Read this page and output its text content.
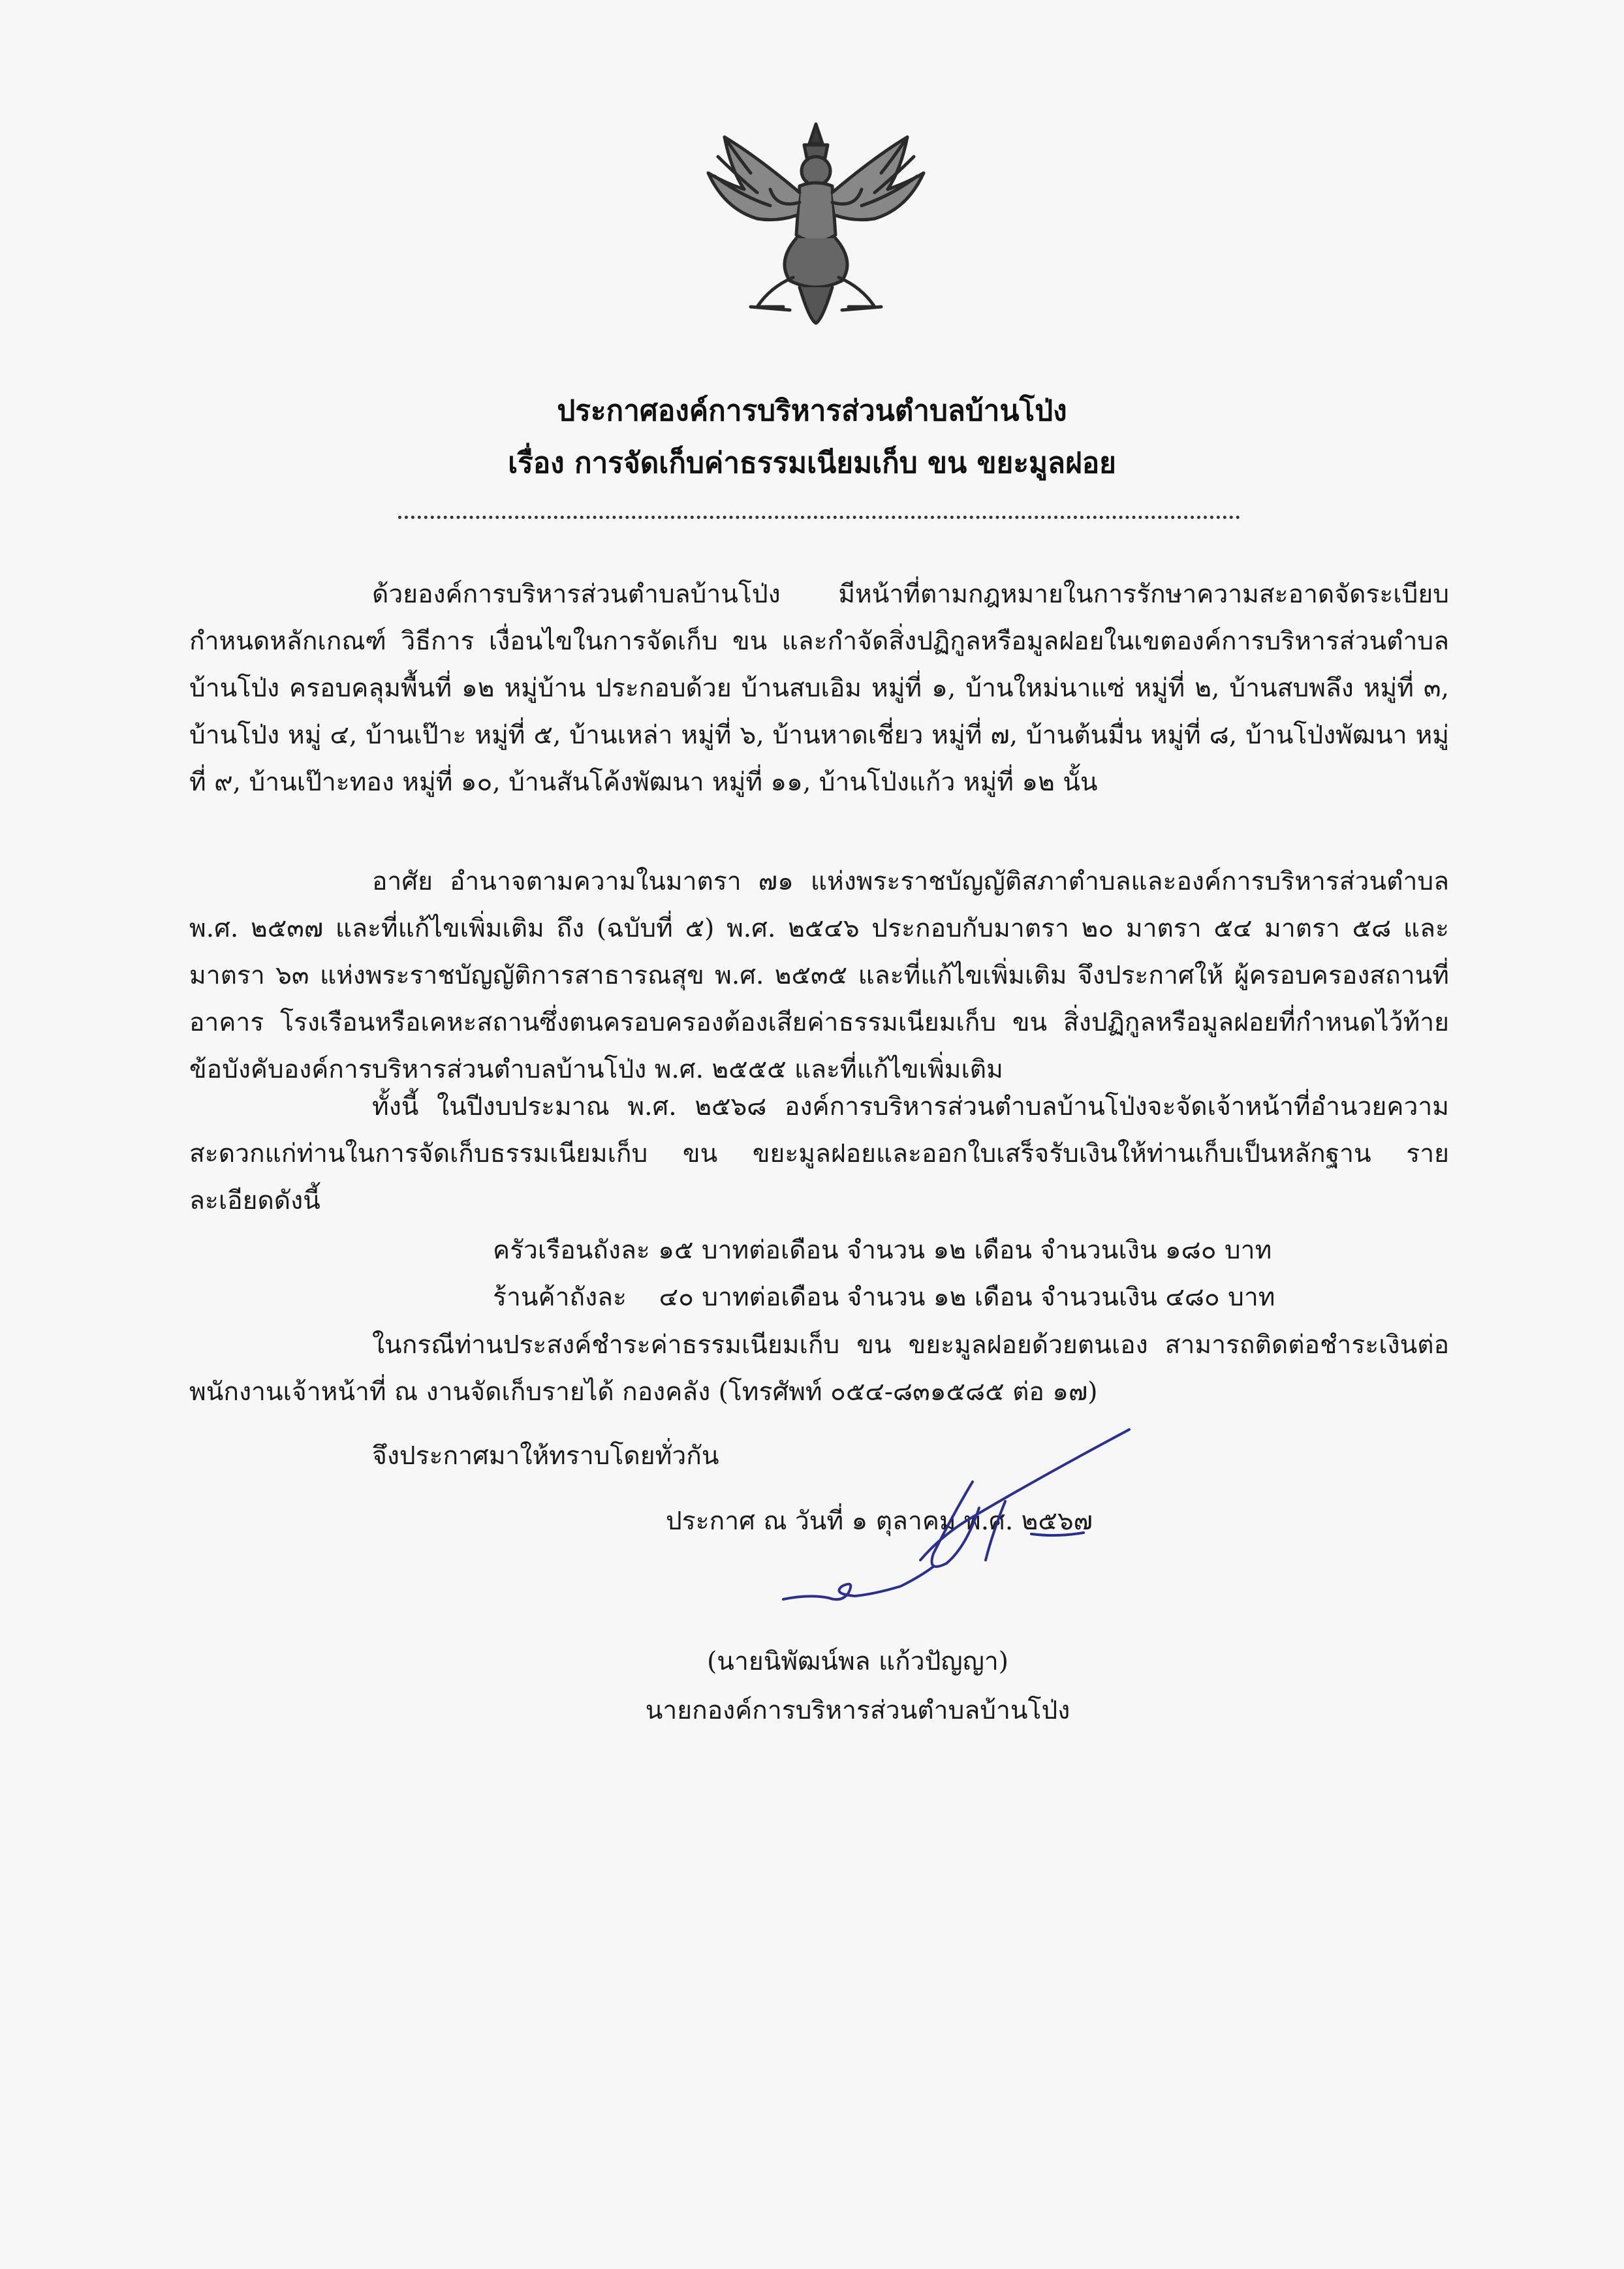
ประกาศองค์การบริหารส่วนตำบลบ้านโป่ง
เรื่อง การจัดเก็บค่าธรรมเนียมเก็บ ขน ขยะมูลฝอย
ด้วยองค์การบริหารส่วนตำบลบ้านโป่ง มีหน้าที่ตามกฎหมายในการรักษาความสะอาดจัดระเบียบ กำหนดหลักเกณฑ์ วิธีการ เงื่อนไขในการจัดเก็บ ขน และกำจัดสิ่งปฏิกูลหรือมูลฝอยในเขตองค์การบริหารส่วนตำบลบ้านโป่ง ครอบคลุมพื้นที่ ๑๒ หมู่บ้าน ประกอบด้วย บ้านสบเอิม หมู่ที่ ๑, บ้านใหม่นาแซ่ หมู่ที่ ๒, บ้านสบพลึง หมู่ที่ ๓, บ้านโป่ง หมู่ ๔, บ้านเป๊าะ หมู่ที่ ๕, บ้านเหล่า หมู่ที่ ๖, บ้านหาดเชี่ยว หมู่ที่ ๗, บ้านต้นมื่น หมู่ที่ ๘, บ้านโป่งพัฒนา หมู่ที่ ๙, บ้านเป๊าะทอง หมู่ที่ ๑๐, บ้านสันโค้งพัฒนา หมู่ที่ ๑๑, บ้านโป่งแก้ว หมู่ที่ ๑๒ นั้น
อาศัย อำนาจตามความในมาตรา ๗๑ แห่งพระราชบัญญัติสภาตำบลและองค์การบริหารส่วนตำบล พ.ศ. ๒๕๓๗ และที่แก้ไขเพิ่มเติม ถึง (ฉบับที่ ๕) พ.ศ. ๒๕๔๖ ประกอบกับมาตรา ๒๐ มาตรา ๕๔ มาตรา ๕๘ และมาตรา ๖๓ แห่งพระราชบัญญัติการสาธารณสุข พ.ศ. ๒๕๓๕ และที่แก้ไขเพิ่มเติม จึงประกาศให้ ผู้ครอบครองสถานที่ อาคาร โรงเรือนหรือเคหะสถานซึ่งตนครอบครองต้องเสียค่าธรรมเนียมเก็บ ขน สิ่งปฏิกูลหรือมูลฝอยที่กำหนดไว้ท้ายข้อบังคับองค์การบริหารส่วนตำบลบ้านโป่ง พ.ศ. ๒๕๕๕ และที่แก้ไขเพิ่มเติม
ทั้งนี้ ในปีงบประมาณ พ.ศ. ๒๕๖๘ องค์การบริหารส่วนตำบลบ้านโป่งจะจัดเจ้าหน้าที่อำนวยความสะดวกแก่ท่านในการจัดเก็บธรรมเนียมเก็บ ขน ขยะมูลฝอยและออกใบเสร็จรับเงินให้ท่านเก็บเป็นหลักฐาน รายละเอียดดังนี้
ครัวเรือนถังละ ๑๕ บาทต่อเดือน จำนวน ๑๒ เดือน จำนวนเงิน ๑๘๐ บาท
ร้านค้าถังละ    ๔๐ บาทต่อเดือน จำนวน ๑๒ เดือน จำนวนเงิน ๔๘๐ บาท
ในกรณีท่านประสงค์ชำระค่าธรรมเนียมเก็บ ขน ขยะมูลฝอยด้วยตนเอง สามารถติดต่อชำระเงินต่อพนักงานเจ้าหน้าที่ ณ งานจัดเก็บรายได้ กองคลัง (โทรศัพท์ ๐๕๔-๘๓๑๕๘๕ ต่อ ๑๗)
จึงประกาศมาให้ทราบโดยทั่วกัน
ประกาศ ณ วันที่ ๑ ตุลาคม พ.ศ. ๒๕๖๗
(นายนิพัฒน์พล แก้วปัญญา)
นายกองค์การบริหารส่วนตำบลบ้านโป่ง
